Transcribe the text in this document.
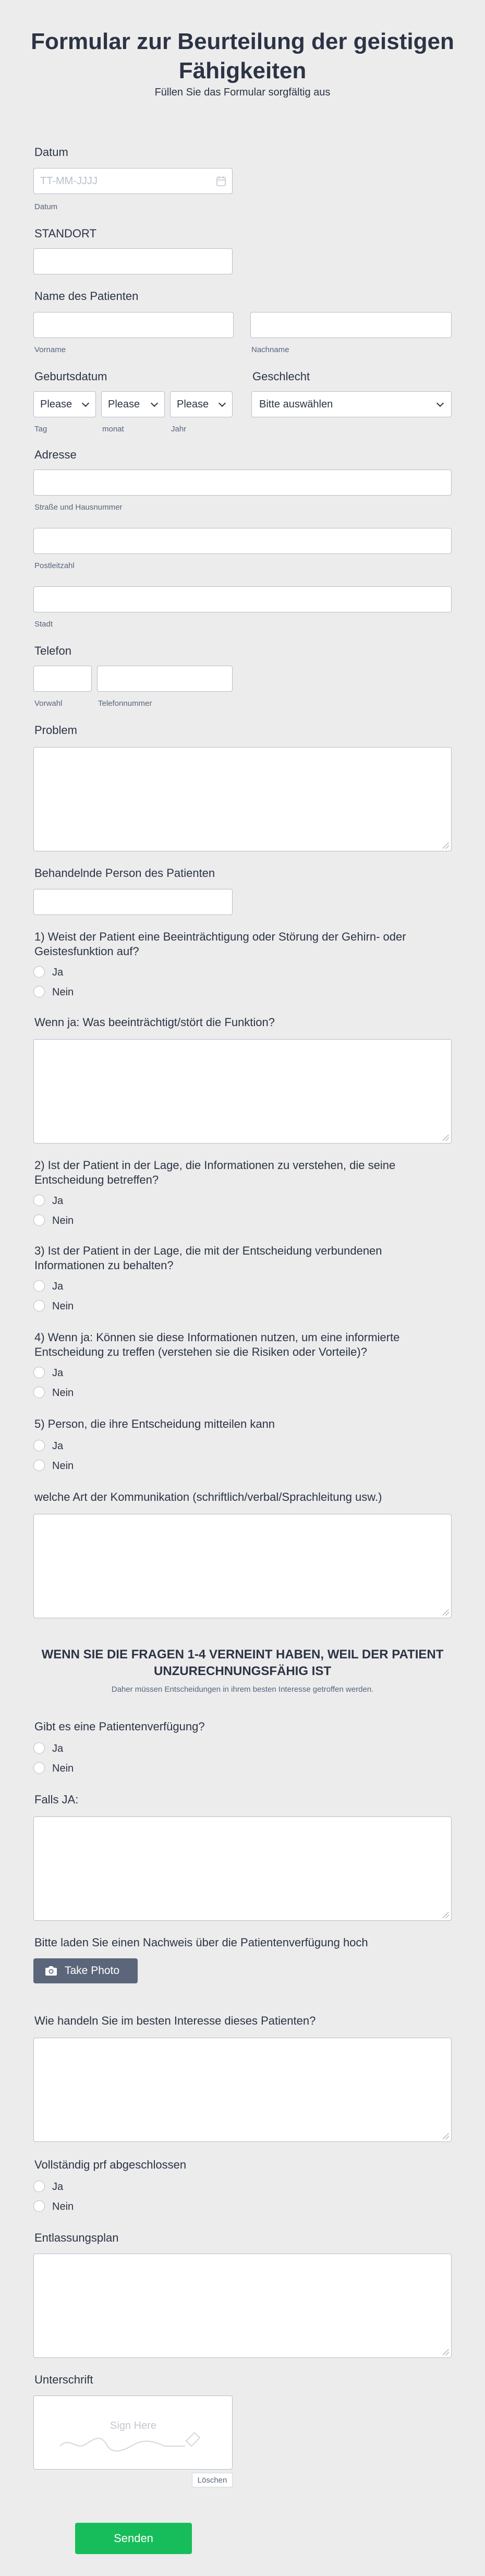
Formular zur Beurteilung der geistigen Fähigkeiten
Füllen Sie das Formular sorgfältig aus
Datum
TT-MM-JJJJ
Datum
STANDORT
Name des Patienten
Vorname	Nachname
Geburtsdatum	Geschlecht
Please	Please	Please
Tag	monat	Jahr
Bitte auswählen
Adresse
Straße und Hausnummer
Postleitzahl
Stadt
Telefon
Vorwahl	Telefonnummer
Problem
Behandelnde Person des Patienten
1) Weist der Patient eine Beeinträchtigung oder Störung der Gehirn- oder Geistesfunktion auf?
Ja
Nein
Wenn ja: Was beeinträchtigt/stört die Funktion?
2) Ist der Patient in der Lage, die Informationen zu verstehen, die seine Entscheidung betreffen?
Ja
Nein
3) Ist der Patient in der Lage, die mit der Entscheidung verbundenen Informationen zu behalten?
Ja
Nein
4) Wenn ja: Können sie diese Informationen nutzen, um eine informierte Entscheidung zu treffen (verstehen sie die Risiken oder Vorteile)?
Ja
Nein
5) Person, die ihre Entscheidung mitteilen kann
Ja
Nein
welche Art der Kommunikation (schriftlich/verbal/Sprachleitung usw.)
WENN SIE DIE FRAGEN 1-4 VERNEINT HABEN, WEIL DER PATIENT UNZURECHNUNGSFÄHIG IST
Daher müssen Entscheidungen in ihrem besten Interesse getroffen werden.
Gibt es eine Patientenverfügung?
Ja
Nein
Falls JA:
Bitte laden Sie einen Nachweis über die Patientenverfügung hoch
Take Photo
Wie handeln Sie im besten Interesse dieses Patienten?
Vollständig prf abgeschlossen
Ja
Nein
Entlassungsplan
Unterschrift
Sign Here
Löschen
Senden
